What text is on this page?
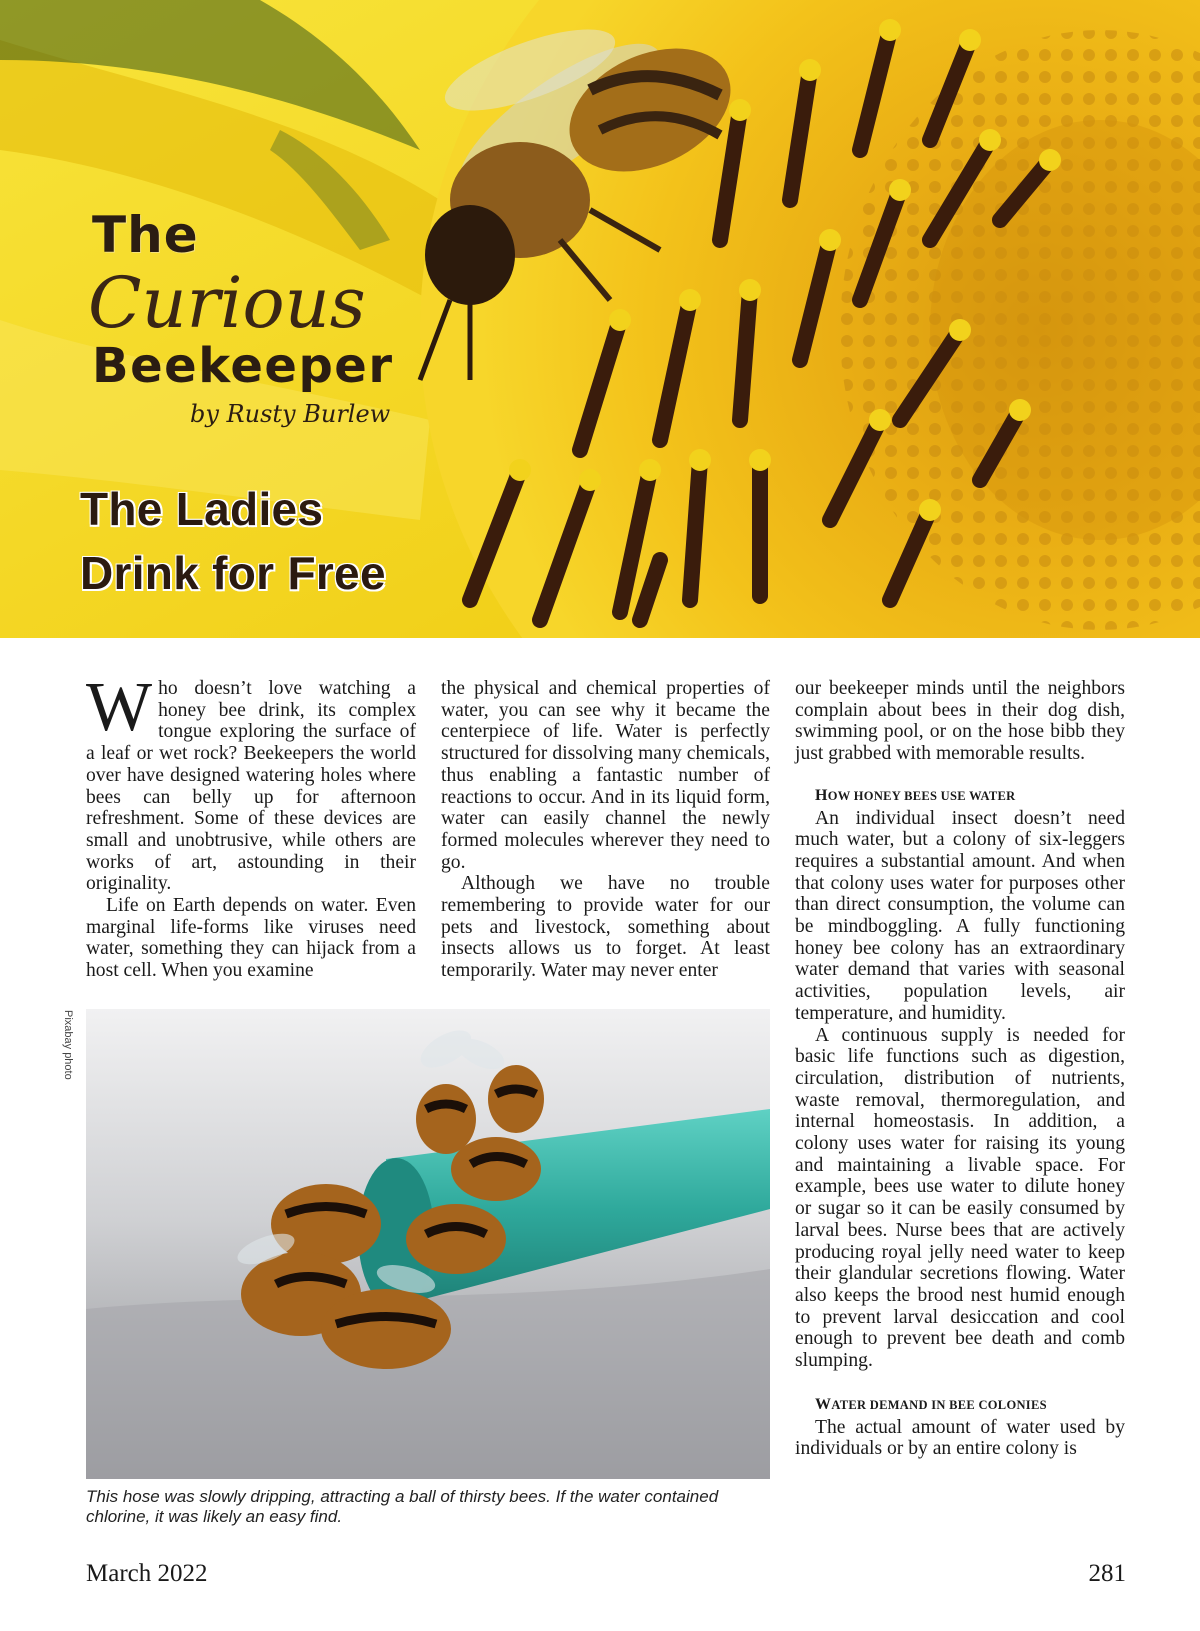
The
Curious
Beekeeper
by Rusty Burlew
The Ladies
Drink for Free

Who doesn’t love watching a honey bee drink, its complex tongue exploring the surface of a leaf or wet rock? Beekeepers the world over have designed watering holes where bees can belly up for afternoon refreshment. Some of these devices are small and unobtrusive, while others are works of art, astounding in their originality.

Life on Earth depends on water. Even marginal life-forms like viruses need water, something they can hijack from a host cell. When you examine

the physical and chemical properties of water, you can see why it became the centerpiece of life. Water is perfectly structured for dissolving many chemicals, thus enabling a fantastic number of reactions to occur. And in its liquid form, water can easily channel the newly formed molecules wherever they need to go.

Although we have no trouble remembering to provide water for our pets and livestock, something about insects allows us to forget. At least temporarily. Water may never enter

our beekeeper minds until the neighbors complain about bees in their dog dish, swimming pool, or on the hose bibb they just grabbed with memorable results.

HOW HONEY BEES USE WATER

An individual insect doesn’t need much water, but a colony of six-leggers requires a substantial amount. And when that colony uses water for purposes other than direct consumption, the volume can be mindboggling. A fully functioning honey bee colony has an extraordinary water demand that varies with seasonal activities, population levels, air temperature, and humidity.

A continuous supply is needed for basic life functions such as digestion, circulation, distribution of nutrients, waste removal, thermoregulation, and internal homeostasis. In addition, a colony uses water for raising its young and maintaining a livable space. For example, bees use water to dilute honey or sugar so it can be easily consumed by larval bees. Nurse bees that are actively producing royal jelly need water to keep their glandular secretions flowing. Water also keeps the brood nest humid enough to prevent larval desiccation and cool enough to prevent bee death and comb slumping.

WATER DEMAND IN BEE COLONIES

The actual amount of water used by individuals or by an entire colony is

Pixabay photo
This hose was slowly dripping, attracting a ball of thirsty bees. If the water contained chlorine, it was likely an easy find.
March 2022	281
